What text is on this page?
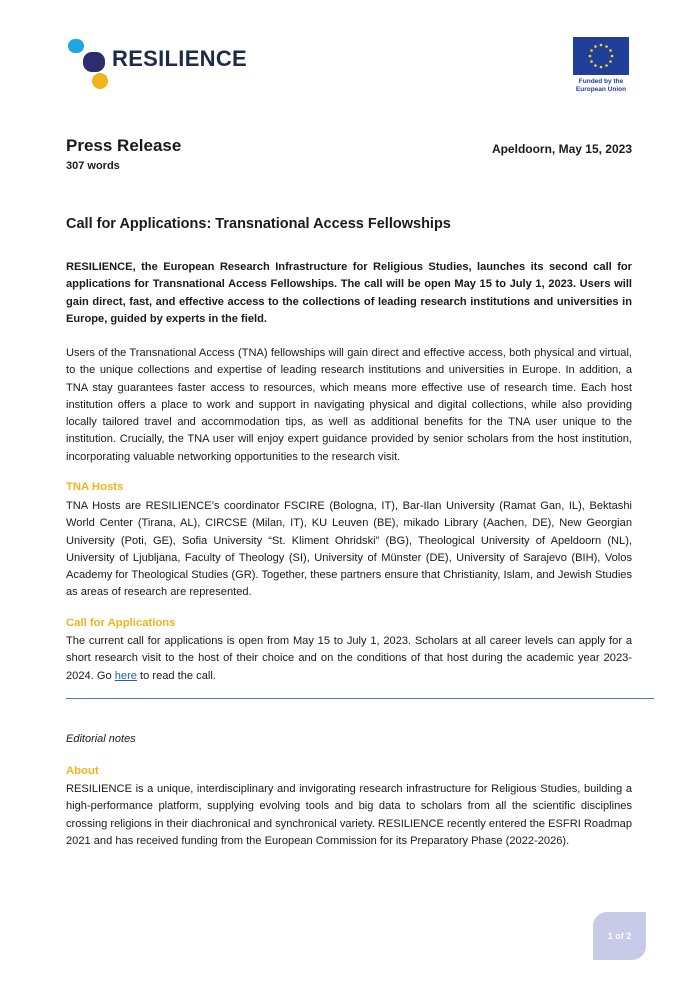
RESILIENCE
Funded by the
European Union
Press Release
307 words
Apeldoorn, May 15, 2023
Call for Applications: Transnational Access Fellowships

RESILIENCE, the European Research Infrastructure for Religious Studies, launches its second call for applications for Transnational Access Fellowships. The call will be open May 15 to July 1, 2023. Users will gain direct, fast, and effective access to the collections of leading research institutions and universities in Europe, guided by experts in the field.

Users of the Transnational Access (TNA) fellowships will gain direct and effective access, both physical and virtual, to the unique collections and expertise of leading research institutions and universities in Europe. In addition, a TNA stay guarantees faster access to resources, which means more effective use of research time. Each host institution offers a place to work and support in navigating physical and digital collections, while also providing locally tailored travel and accommodation tips, as well as additional benefits for the TNA user unique to the institution. Crucially, the TNA user will enjoy expert guidance provided by senior scholars from the host institution, incorporating valuable networking opportunities to the research visit.

TNA Hosts

TNA Hosts are RESILIENCE’s coordinator FSCIRE (Bologna, IT), Bar-Ilan University (Ramat Gan, IL), Bektashi World Center (Tirana, AL), CIRCSE (Milan, IT), KU Leuven (BE), mikado Library (Aachen, DE), New Georgian University (Poti, GE), Sofia University “St. Kliment Ohridski” (BG), Theological University of Apeldoorn (NL), University of Ljubljana, Faculty of Theology (SI), University of Münster (DE), University of Sarajevo (BIH), Volos Academy for Theological Studies (GR). Together, these partners ensure that Christianity, Islam, and Jewish Studies as areas of research are represented.

Call for Applications

The current call for applications is open from May 15 to July 1, 2023. Scholars at all career levels can apply for a short research visit to the host of their choice and on the conditions of that host during the academic year 2023-2024. Go here to read the call.

Editorial notes
About

RESILIENCE is a unique, interdisciplinary and invigorating research infrastructure for Religious Studies, building a high-performance platform, supplying evolving tools and big data to scholars from all the scientific disciplines crossing religions in their diachronical and synchronical variety. RESILIENCE recently entered the ESFRI Roadmap 2021 and has received funding from the European Commission for its Preparatory Phase (2022-2026).

1 of 2
